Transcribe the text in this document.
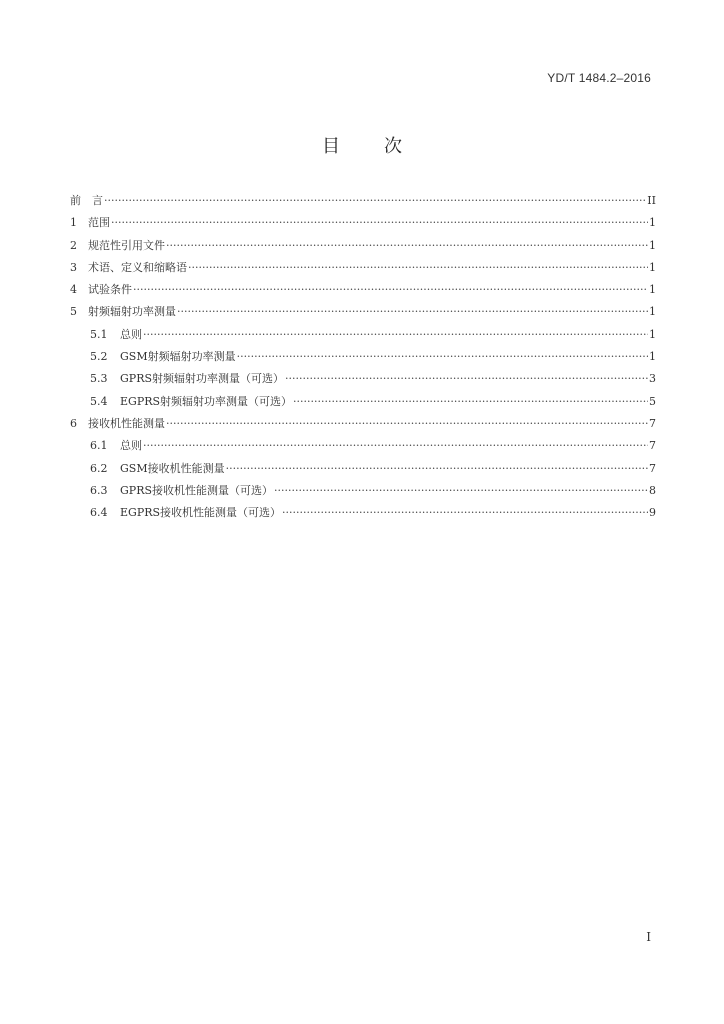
YD/T 1484.2–2016
目 次
前　言 ·····	II
1	范围 ·····	1
2	规范性引用文件 ·····	1
3	术语、定义和缩略语 ·····	1
4	试验条件 ·····	1
5	射频辐射功率测量 ·····	1
5.1	总则 ·····	1
5.2	GSM射频辐射功率测量 ·····	1
5.3	GPRS射频辐射功率测量（可选） ·····	3
5.4	EGPRS射频辐射功率测量（可选） ·····	5
6	接收机性能测量 ·····	7
6.1	总则 ·····	7
6.2	GSM接收机性能测量 ·····	7
6.3	GPRS接收机性能测量（可选） ·····	8
6.4	EGPRS接收机性能测量（可选） ·····	9
I
